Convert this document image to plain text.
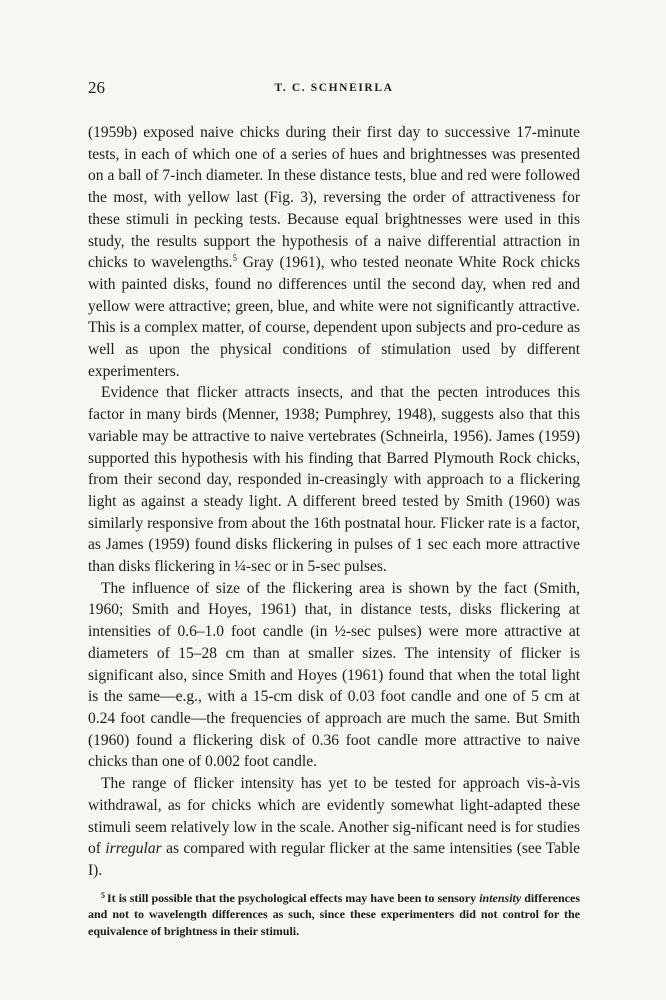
26	T. C. SCHNEIRLA

(1959b) exposed naive chicks during their first day to successive 17-minute tests, in each of which one of a series of hues and brightnesses was presented on a ball of 7-inch diameter. In these distance tests, blue and red were followed the most, with yellow last (Fig. 3), reversing the order of attractiveness for these stimuli in pecking tests. Because equal brightnesses were used in this study, the results support the hypothesis of a naive differential attraction in chicks to wavelengths.$^5$ Gray (1961), who tested neonate White Rock chicks with painted disks, found no differences until the second day, when red and yellow were attractive; green, blue, and white were not significantly attractive. This is a complex matter, of course, dependent upon subjects and pro-cedure as well as upon the physical conditions of stimulation used by different experimenters.

Evidence that flicker attracts insects, and that the pecten introduces this factor in many birds (Menner, 1938; Pumphrey, 1948), suggests also that this variable may be attractive to naive vertebrates (Schneirla, 1956). James (1959) supported this hypothesis with his finding that Barred Plymouth Rock chicks, from their second day, responded in-creasingly with approach to a flickering light as against a steady light. A different breed tested by Smith (1960) was similarly responsive from about the 16th postnatal hour. Flicker rate is a factor, as James (1959) found disks flickering in pulses of 1 sec each more attractive than disks flickering in ¼-sec or in 5-sec pulses.

The influence of size of the flickering area is shown by the fact (Smith, 1960; Smith and Hoyes, 1961) that, in distance tests, disks flickering at intensities of 0.6–1.0 foot candle (in ½-sec pulses) were more attractive at diameters of 15–28 cm than at smaller sizes. The intensity of flicker is significant also, since Smith and Hoyes (1961) found that when the total light is the same—e.g., with a 15-cm disk of 0.03 foot candle and one of 5 cm at 0.24 foot candle—the frequencies of approach are much the same. But Smith (1960) found a flickering disk of 0.36 foot candle more attractive to naive chicks than one of 0.002 foot candle.

The range of flicker intensity has yet to be tested for approach vis-à-vis withdrawal, as for chicks which are evidently somewhat light-adapted these stimuli seem relatively low in the scale. Another sig-nificant need is for studies of irregular as compared with regular flicker at the same intensities (see Table I).

$^5$ It is still possible that the psychological effects may have been to sensory intensity differences and not to wavelength differences as such, since these experimenters did not control for the equivalence of brightness in their stimuli.
